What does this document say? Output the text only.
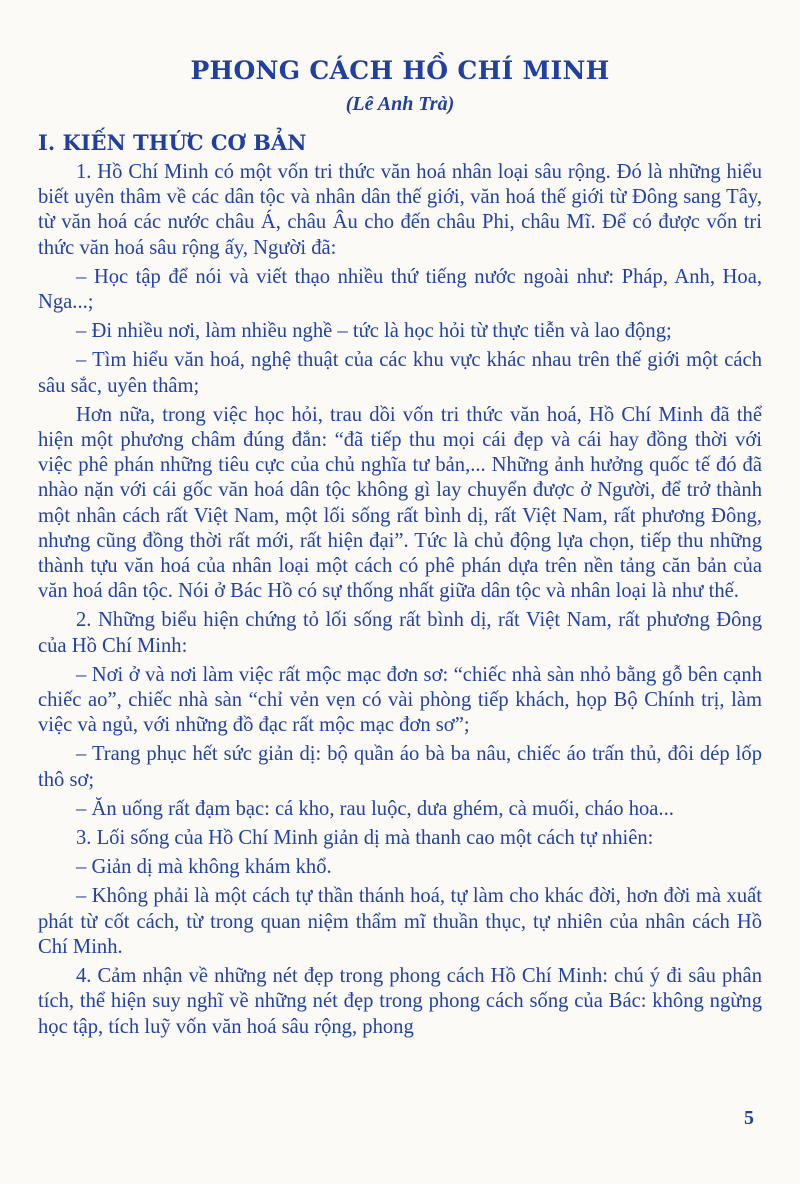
PHONG CÁCH HỒ CHÍ MINH
(Lê Anh Trà)
I. KIẾN THỨC CƠ BẢN

1. Hồ Chí Minh có một vốn tri thức văn hoá nhân loại sâu rộng. Đó là những hiểu biết uyên thâm về các dân tộc và nhân dân thế giới, văn hoá thế giới từ Đông sang Tây, từ văn hoá các nước châu Á, châu Âu cho đến châu Phi, châu Mĩ. Để có được vốn tri thức văn hoá sâu rộng ấy, Người đã:

– Học tập để nói và viết thạo nhiều thứ tiếng nước ngoài như: Pháp, Anh, Hoa, Nga...;

– Đi nhiều nơi, làm nhiều nghề – tức là học hỏi từ thực tiễn và lao động;

– Tìm hiểu văn hoá, nghệ thuật của các khu vực khác nhau trên thế giới một cách sâu sắc, uyên thâm;

Hơn nữa, trong việc học hỏi, trau dồi vốn tri thức văn hoá, Hồ Chí Minh đã thể hiện một phương châm đúng đắn: “đã tiếp thu mọi cái đẹp và cái hay đồng thời với việc phê phán những tiêu cực của chủ nghĩa tư bản,... Những ảnh hưởng quốc tế đó đã nhào nặn với cái gốc văn hoá dân tộc không gì lay chuyển được ở Người, để trở thành một nhân cách rất Việt Nam, một lối sống rất bình dị, rất Việt Nam, rất phương Đông, nhưng cũng đồng thời rất mới, rất hiện đại”. Tức là chủ động lựa chọn, tiếp thu những thành tựu văn hoá của nhân loại một cách có phê phán dựa trên nền tảng căn bản của văn hoá dân tộc. Nói ở Bác Hồ có sự thống nhất giữa dân tộc và nhân loại là như thế.

2. Những biểu hiện chứng tỏ lối sống rất bình dị, rất Việt Nam, rất phương Đông của Hồ Chí Minh:

– Nơi ở và nơi làm việc rất mộc mạc đơn sơ: “chiếc nhà sàn nhỏ bằng gỗ bên cạnh chiếc ao”, chiếc nhà sàn “chỉ vẻn vẹn có vài phòng tiếp khách, họp Bộ Chính trị, làm việc và ngủ, với những đồ đạc rất mộc mạc đơn sơ”;

– Trang phục hết sức giản dị: bộ quần áo bà ba nâu, chiếc áo trấn thủ, đôi dép lốp thô sơ;

– Ăn uống rất đạm bạc: cá kho, rau luộc, dưa ghém, cà muối, cháo hoa...

3. Lối sống của Hồ Chí Minh giản dị mà thanh cao một cách tự nhiên:

– Giản dị mà không khám khổ.

– Không phải là một cách tự thần thánh hoá, tự làm cho khác đời, hơn đời mà xuất phát từ cốt cách, từ trong quan niệm thẩm mĩ thuần thục, tự nhiên của nhân cách Hồ Chí Minh.

4. Cảm nhận về những nét đẹp trong phong cách Hồ Chí Minh: chú ý đi sâu phân tích, thể hiện suy nghĩ về những nét đẹp trong phong cách sống của Bác: không ngừng học tập, tích luỹ vốn văn hoá sâu rộng, phong

5
